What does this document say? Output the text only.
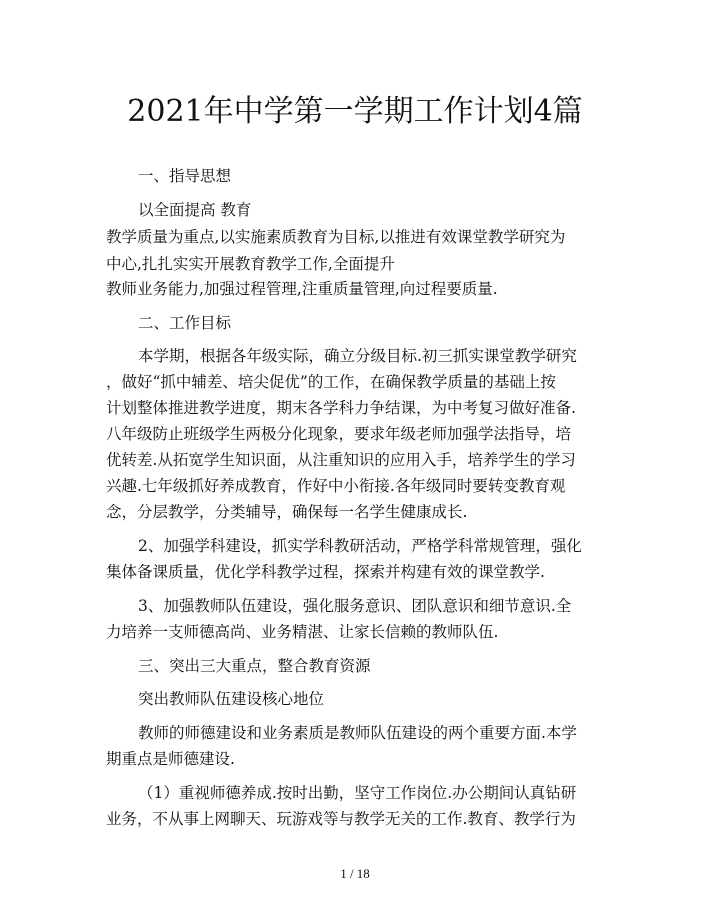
2021年中学第一学期工作计划4篇
一、指导思想
以全面提高 教育
教学质量为重点,以实施素质教育为目标,以推进有效课堂教学研究为
中心,扎扎实实开展教育教学工作,全面提升
教师业务能力,加强过程管理,注重质量管理,向过程要质量.
二、工作目标
本学期，根据各年级实际，确立分级目标.初三抓实课堂教学研究
，做好“抓中辅差、培尖促优”的工作，在确保教学质量的基础上按
计划整体推进教学进度，期末各学科力争结课，为中考复习做好准备.
八年级防止班级学生两极分化现象，要求年级老师加强学法指导，培
优转差.从拓宽学生知识面，从注重知识的应用入手，培养学生的学习
兴趣.七年级抓好养成教育，作好中小衔接.各年级同时要转变教育观
念，分层教学，分类辅导，确保每一名学生健康成长.
2、加强学科建设，抓实学科教研活动，严格学科常规管理，强化
集体备课质量，优化学科教学过程，探索并构建有效的课堂教学.
3、加强教师队伍建设，强化服务意识、团队意识和细节意识.全
力培养一支师德高尚、业务精湛、让家长信赖的教师队伍.
三、突出三大重点，整合教育资源
突出教师队伍建设核心地位
教师的师德建设和业务素质是教师队伍建设的两个重要方面.本学
期重点是师德建设.
（1）重视师德养成.按时出勤，坚守工作岗位.办公期间认真钻研
业务，不从事上网聊天、玩游戏等与教学无关的工作.教育、教学行为
1 / 18
